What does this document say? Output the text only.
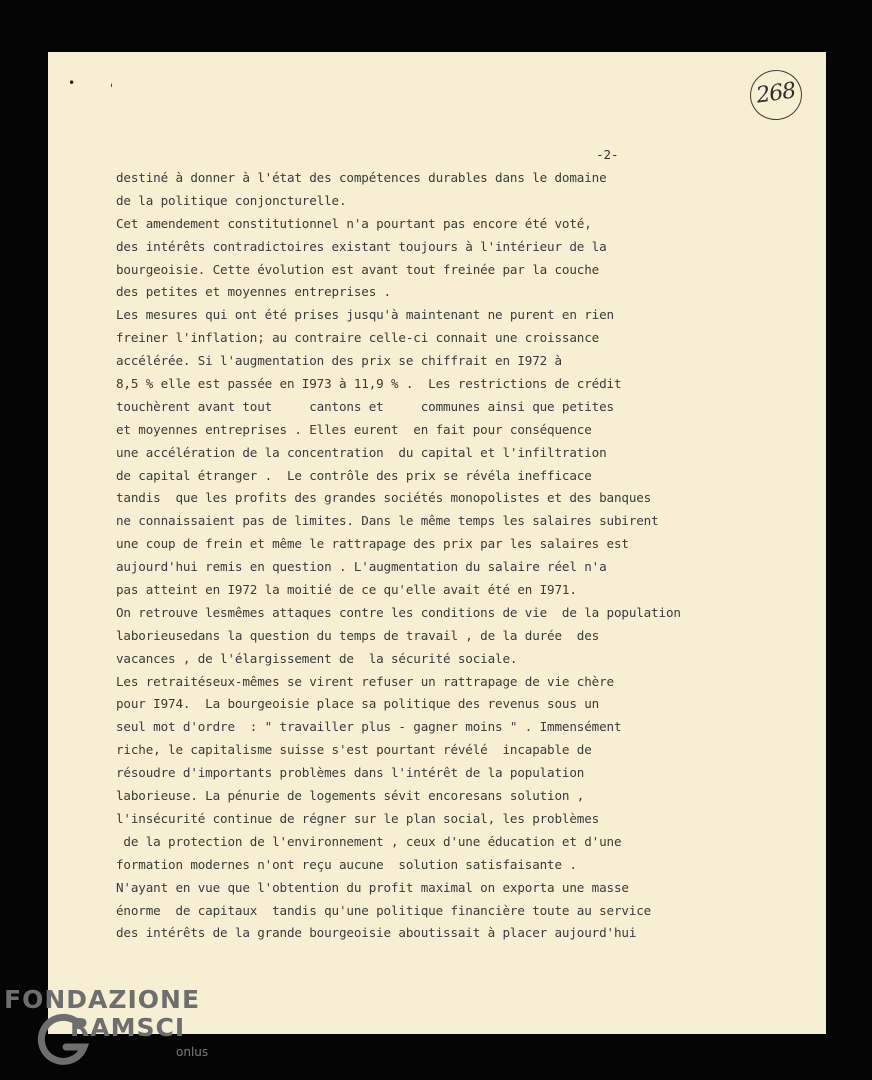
268
•	ˌ
-2-
destiné à donner à l'état des compétences durables dans le domaine
de la politique conjoncturelle.
Cet amendement constitutionnel n'a pourtant pas encore été voté,
des intérêts contradictoires existant toujours à l'intérieur de la
bourgeoisie. Cette évolution est avant tout freinée par la couche
des petites et moyennes entreprises .
Les mesures qui ont été prises jusqu'à maintenant ne purent en rien
freiner l'inflation; au contraire celle-ci connait une croissance
accélérée. Si l'augmentation des prix se chiffrait en I972 à
8,5 % elle est passée en I973 à 11,9 % .  Les restrictions de crédit
touchèrent avant tout     cantons et     communes ainsi que petites
et moyennes entreprises . Elles eurent  en fait pour conséquence
une accélération de la concentration  du capital et l'infiltration
de capital étranger .  Le contrôle des prix se révéla inefficace
tandis  que les profits des grandes sociétés monopolistes et des banques
ne connaissaient pas de limites. Dans le même temps les salaires subirent
une coup de frein et même le rattrapage des prix par les salaires est
aujourd'hui remis en question . L'augmentation du salaire réel n'a
pas atteint en I972 la moitié de ce qu'elle avait été en I971.
On retrouve lesmêmes attaques contre les conditions de vie  de la population
laborieusedans la question du temps de travail , de la durée  des
vacances , de l'élargissement de  la sécurité sociale.
Les retraitéseux-mêmes se virent refuser un rattrapage de vie chère
pour I974.  La bourgeoisie place sa politique des revenus sous un
seul mot d'ordre  : " travailler plus - gagner moins " . Immensément
riche, le capitalisme suisse s'est pourtant révélé  incapable de
résoudre d'importants problèmes dans l'intérêt de la population
laborieuse. La pénurie de logements sévit encoresans solution ,
l'insécurité continue de régner sur le plan social, les problèmes
de la protection de l'environnement , ceux d'une éducation et d'une
formation modernes n'ont reçu aucune  solution satisfaisante .
N'ayant en vue que l'obtention du profit maximal on exporta une masse
énorme  de capitaux  tandis qu'une politique financière toute au service
des intérêts de la grande bourgeoisie aboutissait à placer aujourd'hui
FONDAZIONE
RAMSCI
onlus
